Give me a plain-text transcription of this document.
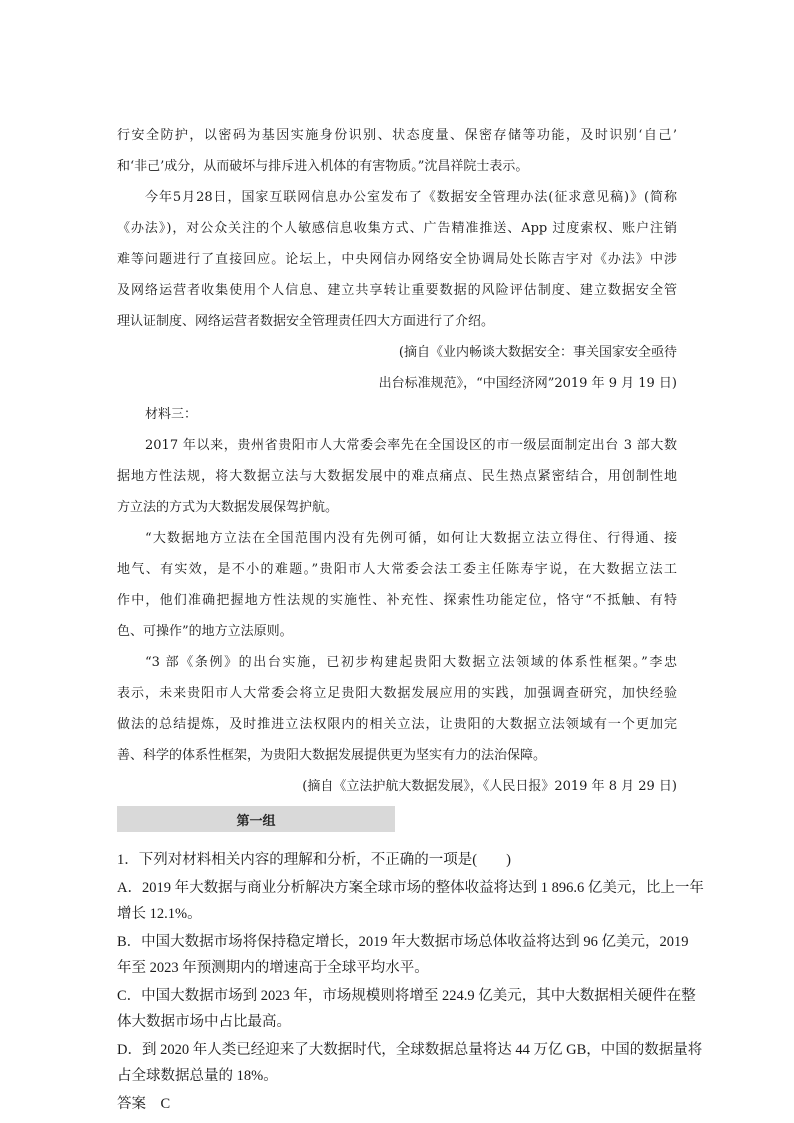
行安全防护，以密码为基因实施身份识别、状态度量、保密存储等功能，及时识别‘自己’
和‘非己’成分，从而破坏与排斥进入机体的有害物质。”沈昌祥院士表示。
今年5月28日，国家互联网信息办公室发布了《数据安全管理办法(征求意见稿)》(简称
《办法》)，对公众关注的个人敏感信息收集方式、广告精准推送、App 过度索权、账户注销
难等问题进行了直接回应。论坛上，中央网信办网络安全协调局处长陈吉宇对《办法》中涉
及网络运营者收集使用个人信息、建立共享转让重要数据的风险评估制度、建立数据安全管
理认证制度、网络运营者数据安全管理责任四大方面进行了介绍。
(摘自《业内畅谈大数据安全：事关国家安全亟待
出台标准规范》，“中国经济网”2019 年 9 月 19 日)
材料三：
2017 年以来，贵州省贵阳市人大常委会率先在全国设区的市一级层面制定出台 3 部大数
据地方性法规，将大数据立法与大数据发展中的难点痛点、民生热点紧密结合，用创制性地
方立法的方式为大数据发展保驾护航。
“大数据地方立法在全国范围内没有先例可循，如何让大数据立法立得住、行得通、接
地气、有实效，是不小的难题。”贵阳市人大常委会法工委主任陈寿宇说，在大数据立法工
作中，他们准确把握地方性法规的实施性、补充性、探索性功能定位，恪守“不抵触、有特
色、可操作”的地方立法原则。
“3 部《条例》的出台实施，已初步构建起贵阳大数据立法领域的体系性框架。”李忠
表示，未来贵阳市人大常委会将立足贵阳大数据发展应用的实践，加强调查研究，加快经验
做法的总结提炼，及时推进立法权限内的相关立法，让贵阳的大数据立法领域有一个更加完
善、科学的体系性框架，为贵阳大数据发展提供更为坚实有力的法治保障。
(摘自《立法护航大数据发展》，《人民日报》2019 年 8 月 29 日)
第一组
1．下列对材料相关内容的理解和分析，不正确的一项是(　　)
A．2019 年大数据与商业分析解决方案全球市场的整体收益将达到 1 896.6 亿美元，比上一年
增长 12.1%。
B．中国大数据市场将保持稳定增长，2019 年大数据市场总体收益将达到 96 亿美元，2019
年至 2023 年预测期内的增速高于全球平均水平。
C．中国大数据市场到 2023 年，市场规模则将增至 224.9 亿美元，其中大数据相关硬件在整
体大数据市场中占比最高。
D．到 2020 年人类已经迎来了大数据时代，全球数据总量将达 44 万亿 GB，中国的数据量将
占全球数据总量的 18%。
答案　C
